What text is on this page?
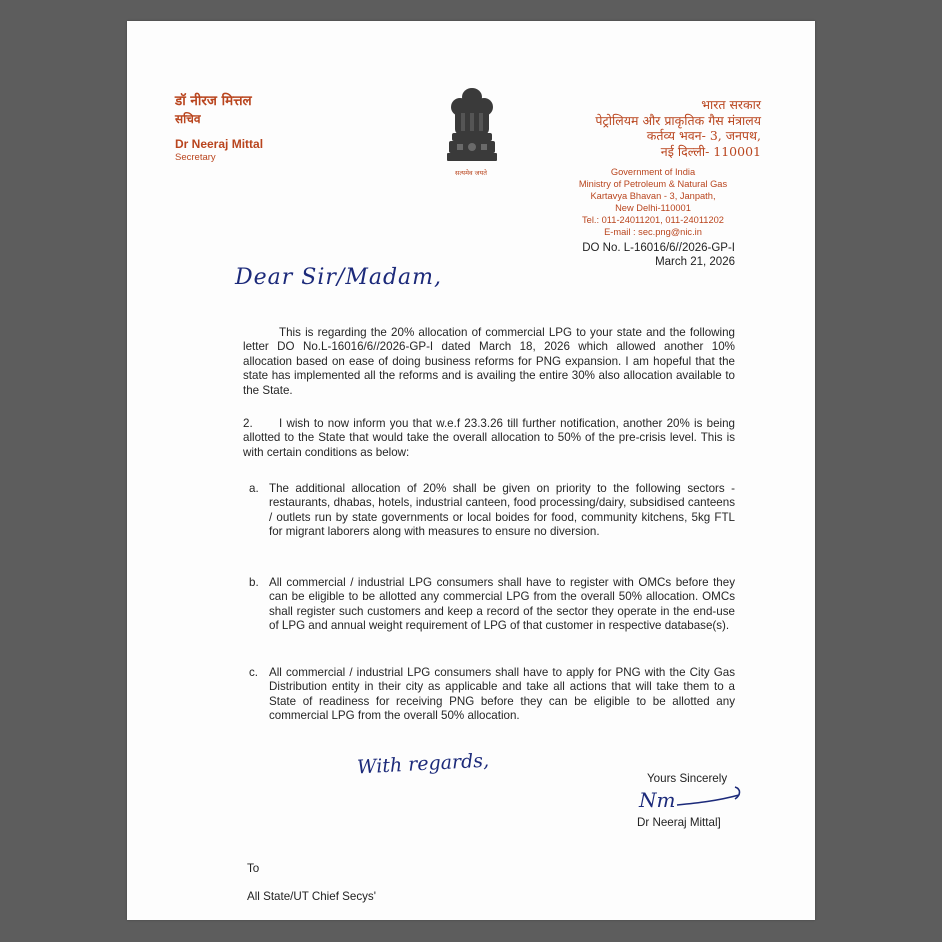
डॉ नीरज मित्तल
सचिव
Dr Neeraj Mittal
Secretary
सत्यमेव जयते
भारत सरकार
पेट्रोलियम और प्राकृतिक गैस मंत्रालय
कर्तव्य भवन- 3, जनपथ,
नई दिल्ली- 110001
Government of India
Ministry of Petroleum & Natural Gas
Kartavya Bhavan - 3, Janpath,
New Delhi-110001
Tel.: 011-24011201, 011-24011202
E-mail : sec.png@nic.in
DO No. L-16016/6//2026-GP-I
March 21, 2026
Dear Sir/Madam,
This is regarding the 20% allocation of commercial LPG to your state and the following letter DO No.L-16016/6//2026-GP-I dated March 18, 2026 which allowed another 10% allocation based on ease of doing business reforms for PNG expansion. I am hopeful that the state has implemented all the reforms and is availing the entire 30% also allocation available to the State.
2. I wish to now inform you that w.e.f 23.3.26 till further notification, another 20% is being allotted to the State that would take the overall allocation to 50% of the pre-crisis level. This is with certain conditions as below:
a. The additional allocation of 20% shall be given on priority to the following sectors - restaurants, dhabas, hotels, industrial canteen, food processing/dairy, subsidised canteens / outlets run by state governments or local boides for food, community kitchens, 5kg FTL for migrant laborers along with measures to ensure no diversion.
b. All commercial / industrial LPG consumers shall have to register with OMCs before they can be eligible to be allotted any commercial LPG from the overall 50% allocation. OMCs shall register such customers and keep a record of the sector they operate in the end-use of LPG and annual weight requirement of LPG of that customer in respective database(s).
c. All commercial / industrial LPG consumers shall have to apply for PNG with the City Gas Distribution entity in their city as applicable and take all actions that will take them to a State of readiness for receiving PNG before they can be eligible to be allotted any commercial LPG from the overall 50% allocation.
With regards,
Yours Sincerely
Nm
Dr Neeraj Mittal]
To
All State/UT Chief Secys'
